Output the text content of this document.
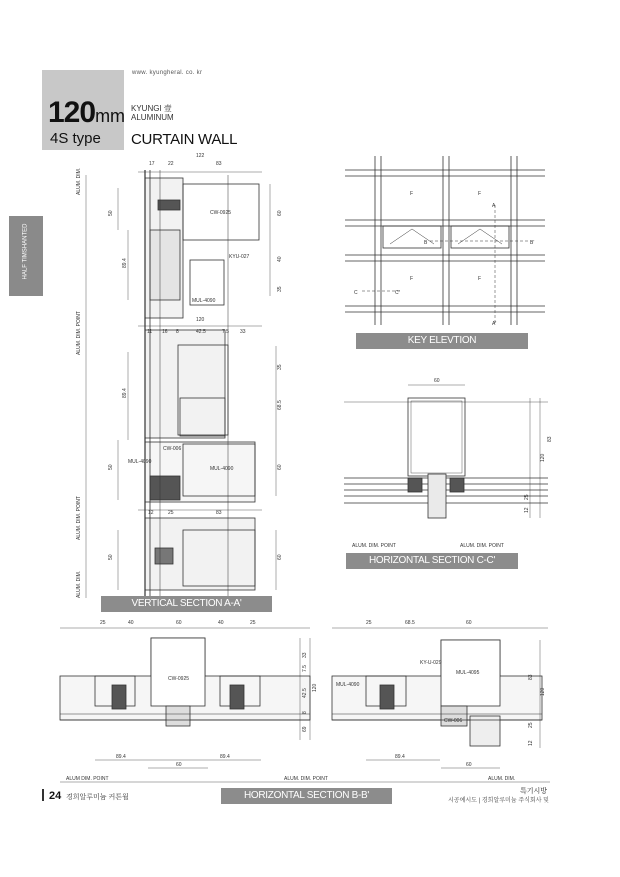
www. kyungheral. co. kr
120mm
4S type
KYUNGI 壹
ALUMINUM
CURTAIN WALL
HALF TIMSHANTED
ALUM. DIM.
ALUM. DIM. POINT
ALUM. DIM. POINT
ALUM. DIM.
122
17	22	83
120
11 16 8	42.5	7.5 33
12	25	83
CW-0925
KYU-027
MUL-4090
CW-006
MUL-4090
MUL-4090
50
89.4
89.4
50
50
60
40
35
35
68.5
60
60
F	F
F	F
A
A'
B	B'
C	C'
60
83
120
25
12
ALUM. DIM. POINT	ALUM. DIM. POINT
25	40	60	40	25
CW-0925
33
7.5
42.5
8
69
120
89.4	89.4
60
ALUM DIM. POINT	ALUM. DIM. POINT	ALUM. DIM.
25	68.5	60
KY-U-029
MUL-4095
MUL-4090
CW-006
83
120
25
12
89.4
60
VERTICAL SECTION A-A'
KEY ELEVTION
HORIZONTAL SECTION C-C'
HORIZONTAL SECTION B-B'
24 경희알루미늄 커튼월
특기시방
시공예시도 | 경희알루미늄 주식회사 및
